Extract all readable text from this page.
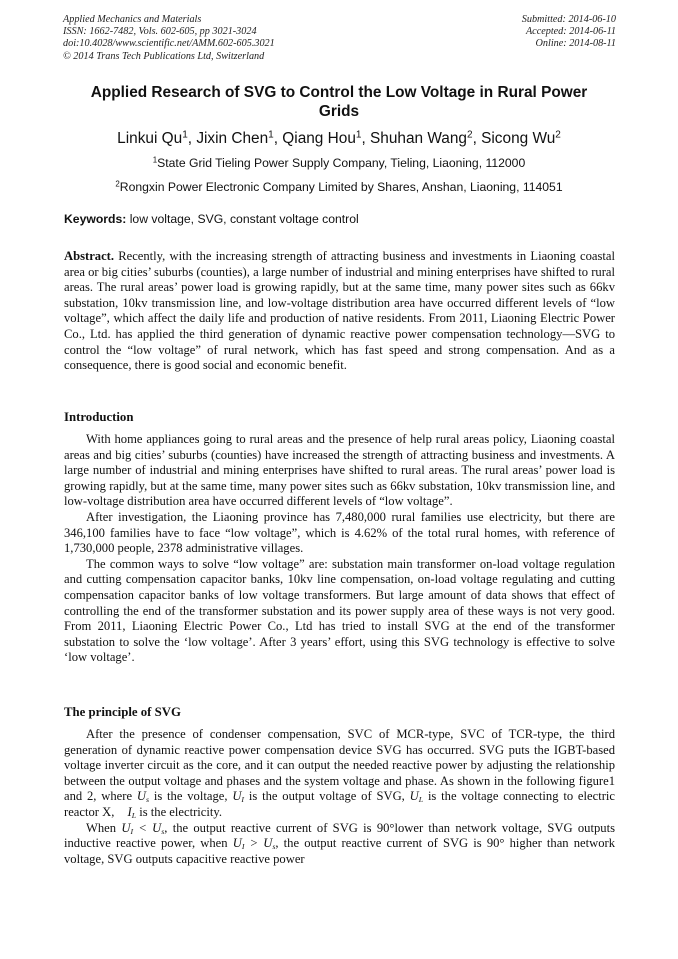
Applied Mechanics and Materials
ISSN: 1662-7482, Vols. 602-605, pp 3021-3024
doi:10.4028/www.scientific.net/AMM.602-605.3021
© 2014 Trans Tech Publications Ltd, Switzerland
Submitted: 2014-06-10
Accepted: 2014-06-11
Online: 2014-08-11
Applied Research of SVG to Control the Low Voltage in Rural Power Grids
Linkui Qu$^1$, Jixin Chen$^1$, Qiang Hou$^1$, Shuhan Wang$^2$, Sicong Wu$^2$
$^1$State Grid Tieling Power Supply Company, Tieling, Liaoning, 112000
$^2$Rongxin Power Electronic Company Limited by Shares, Anshan, Liaoning, 114051
Keywords: low voltage, SVG, constant voltage control

Abstract. Recently, with the increasing strength of attracting business and investments in Liaoning coastal area or big cities’ suburbs (counties), a large number of industrial and mining enterprises have shifted to rural areas. The rural areas’ power load is growing rapidly, but at the same time, many power sites such as 66kv substation, 10kv transmission line, and low-voltage distribution area have occurred different levels of “low voltage”, which affect the daily life and production of native residents. From 2011, Liaoning Electric Power Co., Ltd. has applied the third generation of dynamic reactive power compensation technology—SVG to control the “low voltage” of rural network, which has fast speed and strong compensation. And as a consequence, there is good social and economic benefit.

Introduction

With home appliances going to rural areas and the presence of help rural areas policy, Liaoning coastal areas and big cities’ suburbs (counties) have increased the strength of attracting business and investments. A large number of industrial and mining enterprises have shifted to rural areas. The rural areas’ power load is growing rapidly, but at the same time, many power sites such as 66kv substation, 10kv transmission line, and low-voltage distribution area have occurred different levels of “low voltage”.

After investigation, the Liaoning province has 7,480,000 rural families use electricity, but there are 346,100 families have to face “low voltage”, which is 4.62% of the total rural homes, with reference of 1,730,000 people, 2378 administrative villages.

The common ways to solve “low voltage” are: substation main transformer on-load voltage regulation and cutting compensation capacitor banks, 10kv line compensation, on-load voltage regulating and cutting compensation capacitor banks of low voltage transformers. But large amount of data shows that effect of controlling the end of the transformer substation and its power supply area of these ways is not very good. From 2011, Liaoning Electric Power Co., Ltd has tried to install SVG at the end of the transformer substation to solve the ‘low voltage’. After 3 years’ effort, using this SVG technology is effective to solve ‘low voltage’.

The principle of SVG

After the presence of condenser compensation, SVC of MCR-type, SVC of TCR-type, the third generation of dynamic reactive power compensation device SVG has occurred. SVG puts the IGBT-based voltage inverter circuit as the core, and it can output the needed reactive power by adjusting the relationship between the output voltage and phases and the system voltage and phase. As shown in the following figure1 and 2, where $U_s$ is the voltage, $U_I$ is the output voltage of SVG, $U_L$ is the voltage connecting to electric reactor X, $I_L$ is the electricity.

When $U_I < U_s$, the output reactive current of SVG is 90°lower than network voltage, SVG outputs inductive reactive power, when $U_I > U_s$, the output reactive current of SVG is 90° higher than network voltage, SVG outputs capacitive reactive power
